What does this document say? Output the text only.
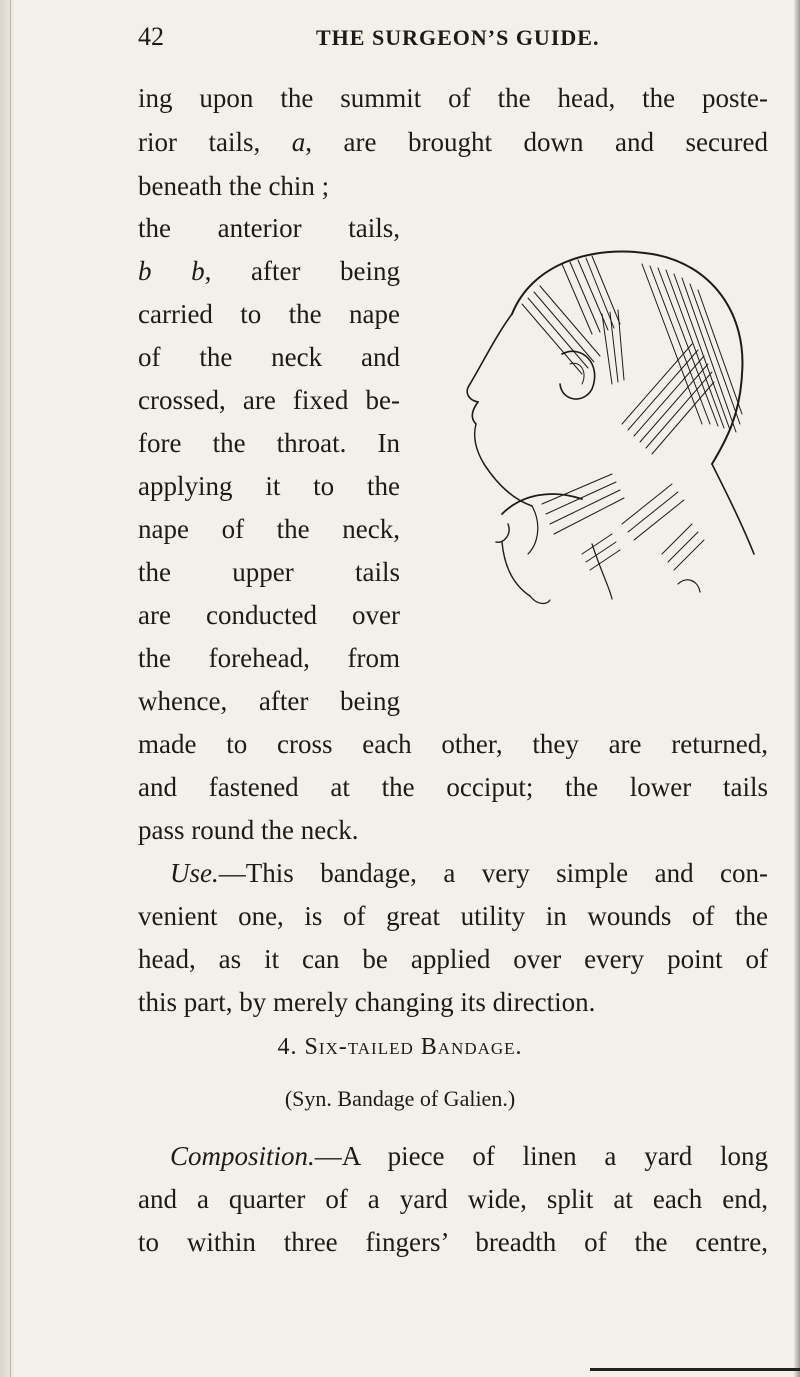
42	THE SURGEON’S GUIDE.
ing upon the summit of the head, the poste-
rior tails, a, are brought down and secured
beneath the chin ;
the anterior tails,
b b, after being
carried to the nape
of the neck and
crossed, are fixed be-
fore the throat. In
applying it to the
nape of the neck,
the upper tails
are conducted over
the forehead, from
whence, after being
made to cross each other, they are returned,
and fastened at the occiput; the lower tails
pass round the neck.
Use.—This bandage, a very simple and con-
venient one, is of great utility in wounds of the
head, as it can be applied over every point of
this part, by merely changing its direction.
4. Six-tailed Bandage.
(Syn. Bandage of Galien.)
Composition.—A piece of linen a yard long
and a quarter of a yard wide, split at each end,
to within three fingers’ breadth of the centre,
